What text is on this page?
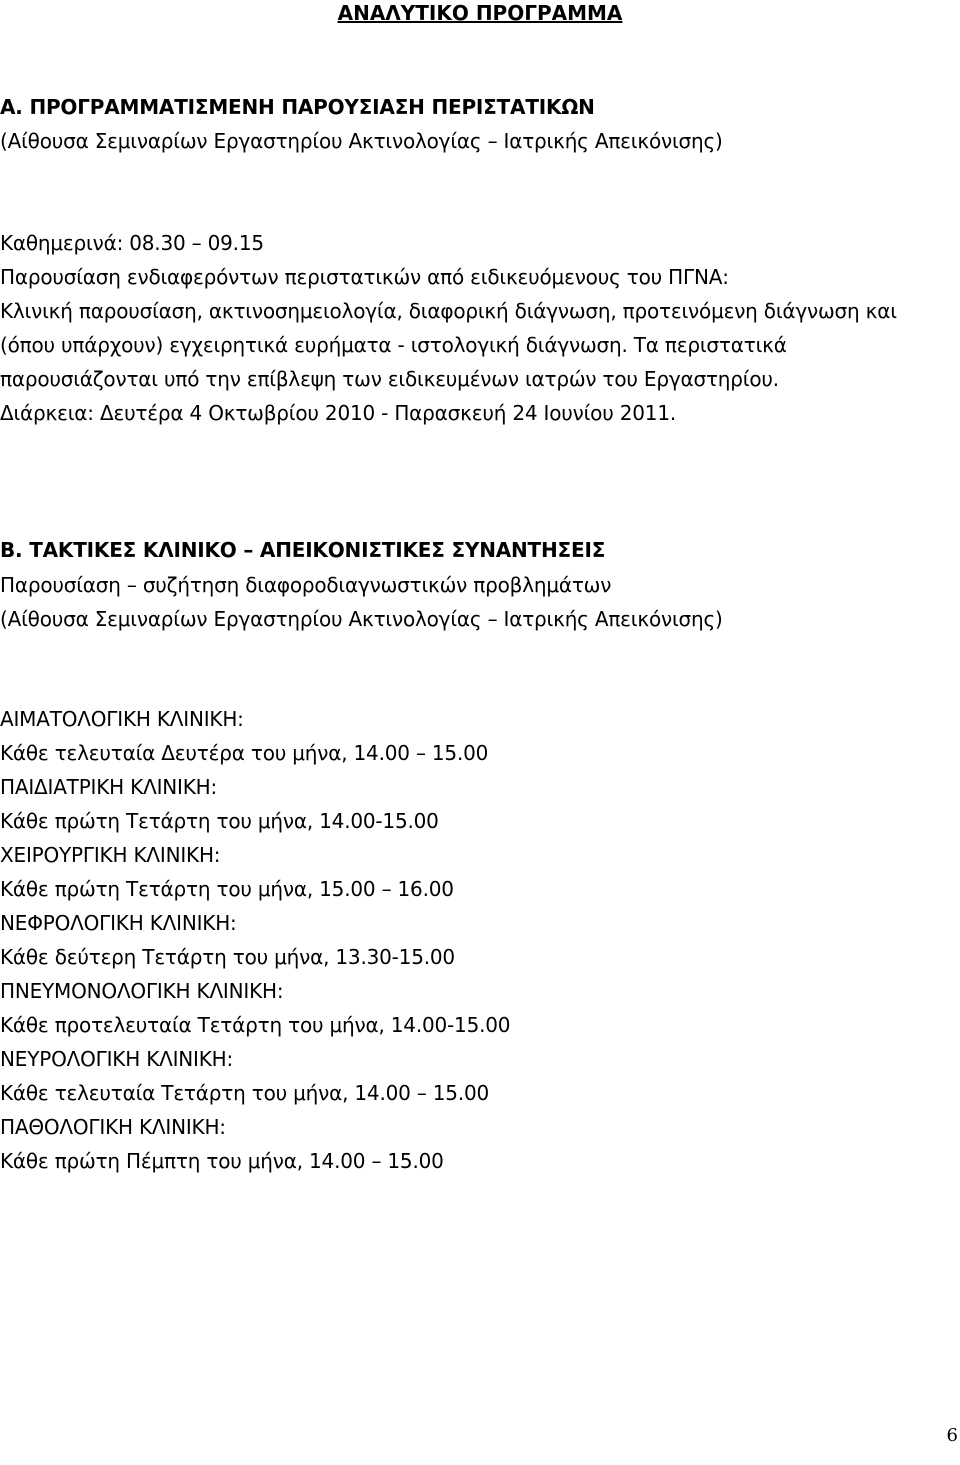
ΑΝΑΛΥΤΙΚΟ ΠΡΟΓΡΑΜΜΑ
Α. ΠΡΟΓΡΑΜΜΑΤΙΣΜΕΝΗ ΠΑΡΟΥΣΙΑΣΗ ΠΕΡΙΣΤΑΤΙΚΩΝ
(Αίθουσα Σεμιναρίων Εργαστηρίου Ακτινολογίας – Ιατρικής Απεικόνισης)
Καθημερινά: 08.30 – 09.15
Παρουσίαση ενδιαφερόντων περιστατικών από ειδικευόμενους του ΠΓΝΑ:
Κλινική παρουσίαση, ακτινοσημειολογία, διαφορική διάγνωση, προτεινόμενη διάγνωση και
(όπου υπάρχουν) εγχειρητικά ευρήματα - ιστολογική διάγνωση. Τα περιστατικά
παρουσιάζονται υπό την επίβλεψη των ειδικευμένων ιατρών του Εργαστηρίου.
Διάρκεια: Δευτέρα 4 Οκτωβρίου 2010 - Παρασκευή 24 Ιουνίου 2011.
Β. ΤΑΚΤΙΚΕΣ ΚΛΙΝΙΚΟ – ΑΠΕΙΚΟΝΙΣΤΙΚΕΣ ΣΥΝΑΝΤΗΣΕΙΣ
Παρουσίαση – συζήτηση διαφοροδιαγνωστικών προβλημάτων
(Αίθουσα Σεμιναρίων Εργαστηρίου Ακτινολογίας – Ιατρικής Απεικόνισης)
ΑΙΜΑΤΟΛΟΓΙΚΗ ΚΛΙΝΙΚΗ:
Κάθε τελευταία Δευτέρα του μήνα, 14.00 – 15.00
ΠΑΙΔΙΑΤΡΙΚΗ ΚΛΙΝΙΚΗ:
Κάθε πρώτη Τετάρτη του μήνα, 14.00-15.00
ΧΕΙΡΟΥΡΓΙΚΗ ΚΛΙΝΙΚΗ:
Κάθε πρώτη Τετάρτη του μήνα, 15.00 – 16.00
ΝΕΦΡΟΛΟΓΙΚΗ ΚΛΙΝΙΚΗ:
Κάθε δεύτερη Τετάρτη του μήνα, 13.30-15.00
ΠΝΕΥΜΟΝΟΛΟΓΙΚΗ ΚΛΙΝΙΚΗ:
Κάθε προτελευταία Τετάρτη του μήνα, 14.00-15.00
ΝΕΥΡΟΛΟΓΙΚΗ ΚΛΙΝΙΚΗ:
Κάθε τελευταία Τετάρτη του μήνα, 14.00 – 15.00
ΠΑΘΟΛΟΓΙΚΗ ΚΛΙΝΙΚΗ:
Κάθε πρώτη Πέμπτη του μήνα, 14.00 – 15.00
6
